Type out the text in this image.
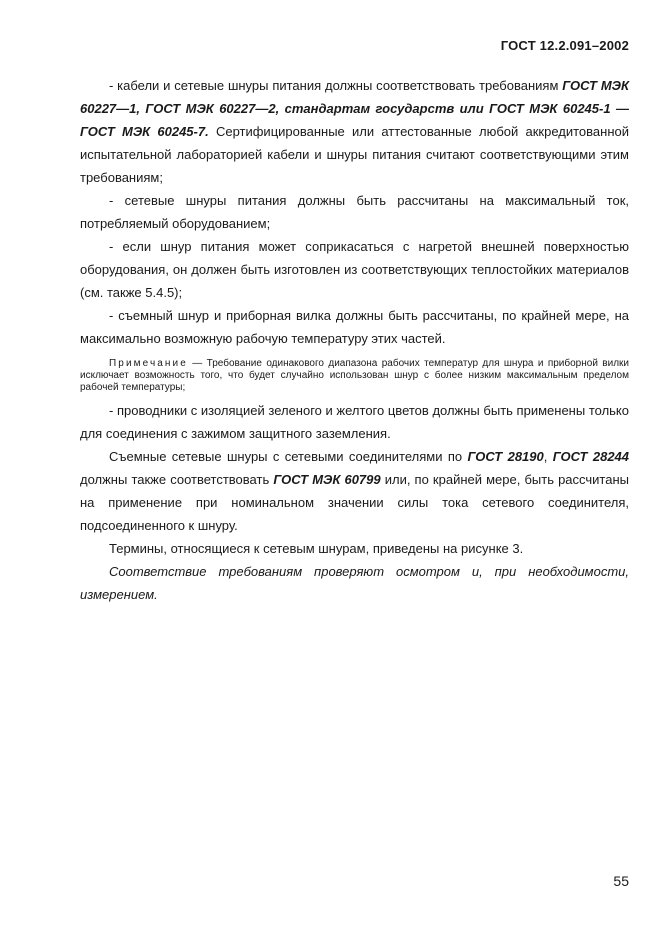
ГОСТ 12.2.091–2002

- кабели и сетевые шнуры питания должны соответствовать требованиям ГОСТ МЭК 60227—1, ГОСТ МЭК 60227—2, стандартам государств или ГОСТ МЭК 60245-1 — ГОСТ МЭК 60245-7. Сертифицированные или аттестованные любой аккредитованной испытательной лабораторией кабели и шнуры питания считают соответствующими этим требованиям;

- сетевые шнуры питания должны быть рассчитаны на максимальный ток, потребляемый оборудованием;

- если шнур питания может соприкасаться с нагретой внешней поверхностью оборудования, он должен быть изготовлен из соответствующих теплостойких материалов (см. также 5.4.5);

- съемный шнур и приборная вилка должны быть рассчитаны, по крайней мере, на максимально возможную рабочую температуру этих частей.

Примечание — Требование одинакового диапазона рабочих температур для шнура и приборной вилки исключает возможность того, что будет случайно использован шнур с более низким максимальным пределом рабочей температуры;

- проводники с изоляцией зеленого и желтого цветов должны быть применены только для соединения с зажимом защитного заземления.

Съемные сетевые шнуры с сетевыми соединителями по ГОСТ 28190, ГОСТ 28244 должны также соответствовать ГОСТ МЭК 60799 или, по крайней мере, быть рассчитаны на применение при номинальном значении силы тока сетевого соединителя, подсоединенного к шнуру.

Термины, относящиеся к сетевым шнурам, приведены на рисунке 3.

Соответствие требованиям проверяют осмотром и, при необходимости, измерением.

55
